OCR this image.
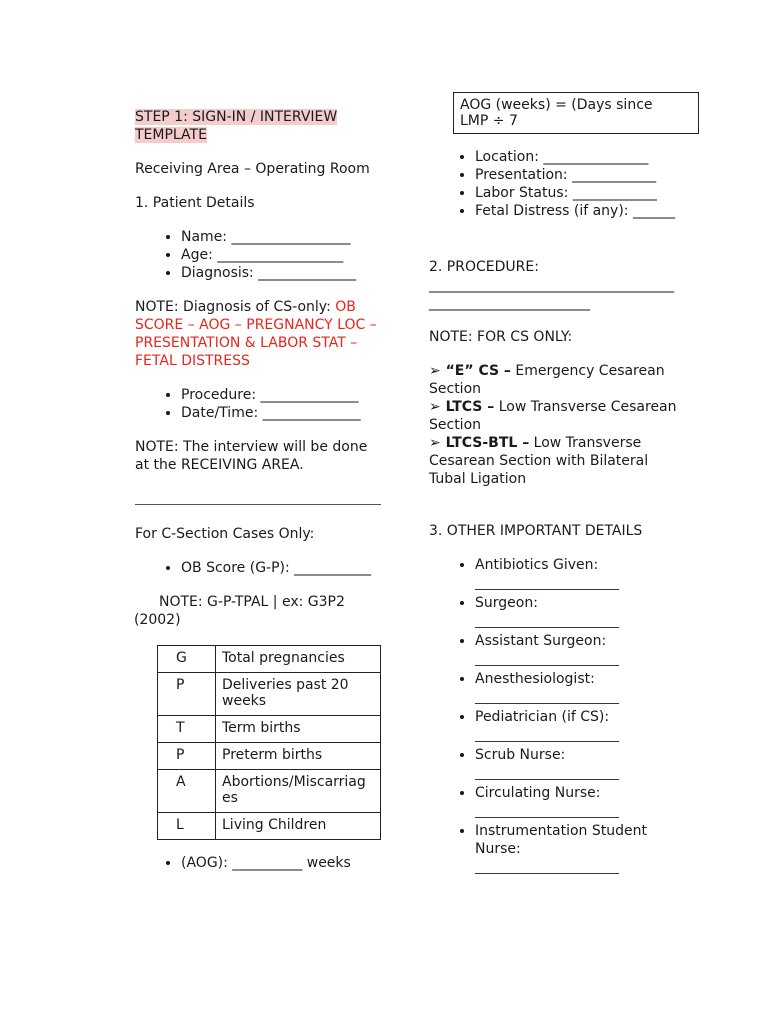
STEP 1: SIGN-IN / INTERVIEW
TEMPLATE

Receiving Area – Operating Room

1. Patient Details

• Name: _________________
• Age: __________________
• Diagnosis: ______________

NOTE: Diagnosis of CS-only: OB
SCORE – AOG – PREGNANCY LOC –
PRESENTATION & LABOR STAT –
FETAL DISTRESS

• Procedure: ______________
• Date/Time: ______________

NOTE: The interview will be done
at the RECEIVING AREA.

For C-Section Cases Only:

• OB Score (G-P): ___________

NOTE: G-P-TPAL | ex: G3P2
(2002)

G	Total pregnancies
P	Deliveries past 20 weeks
T	Term births
P	Preterm births
A	Abortions/Miscarriages
L	Living Children
• (AOG): __________ weeks
AOG (weeks) = (Days since
LMP ÷ 7
• Location: _______________
• Presentation: ____________
• Labor Status: ____________
• Fetal Distress (if any): ______

2. PROCEDURE:

___________________________________

_______________________

NOTE: FOR CS ONLY:

➢ “E” CS – Emergency Cesarean
Section

➢ LTCS – Low Transverse Cesarean
Section

➢ LTCS-BTL – Low Transverse
Cesarean Section with Bilateral
Tubal Ligation

3. OTHER IMPORTANT DETAILS

• Antibiotics Given:
________________________
• Surgeon:
________________________
• Assistant Surgeon:
________________________
• Anesthesiologist:
________________________
• Pediatrician (if CS):
________________________
• Scrub Nurse:
________________________
• Circulating Nurse:
________________________
• Instrumentation Student
Nurse:
________________________
